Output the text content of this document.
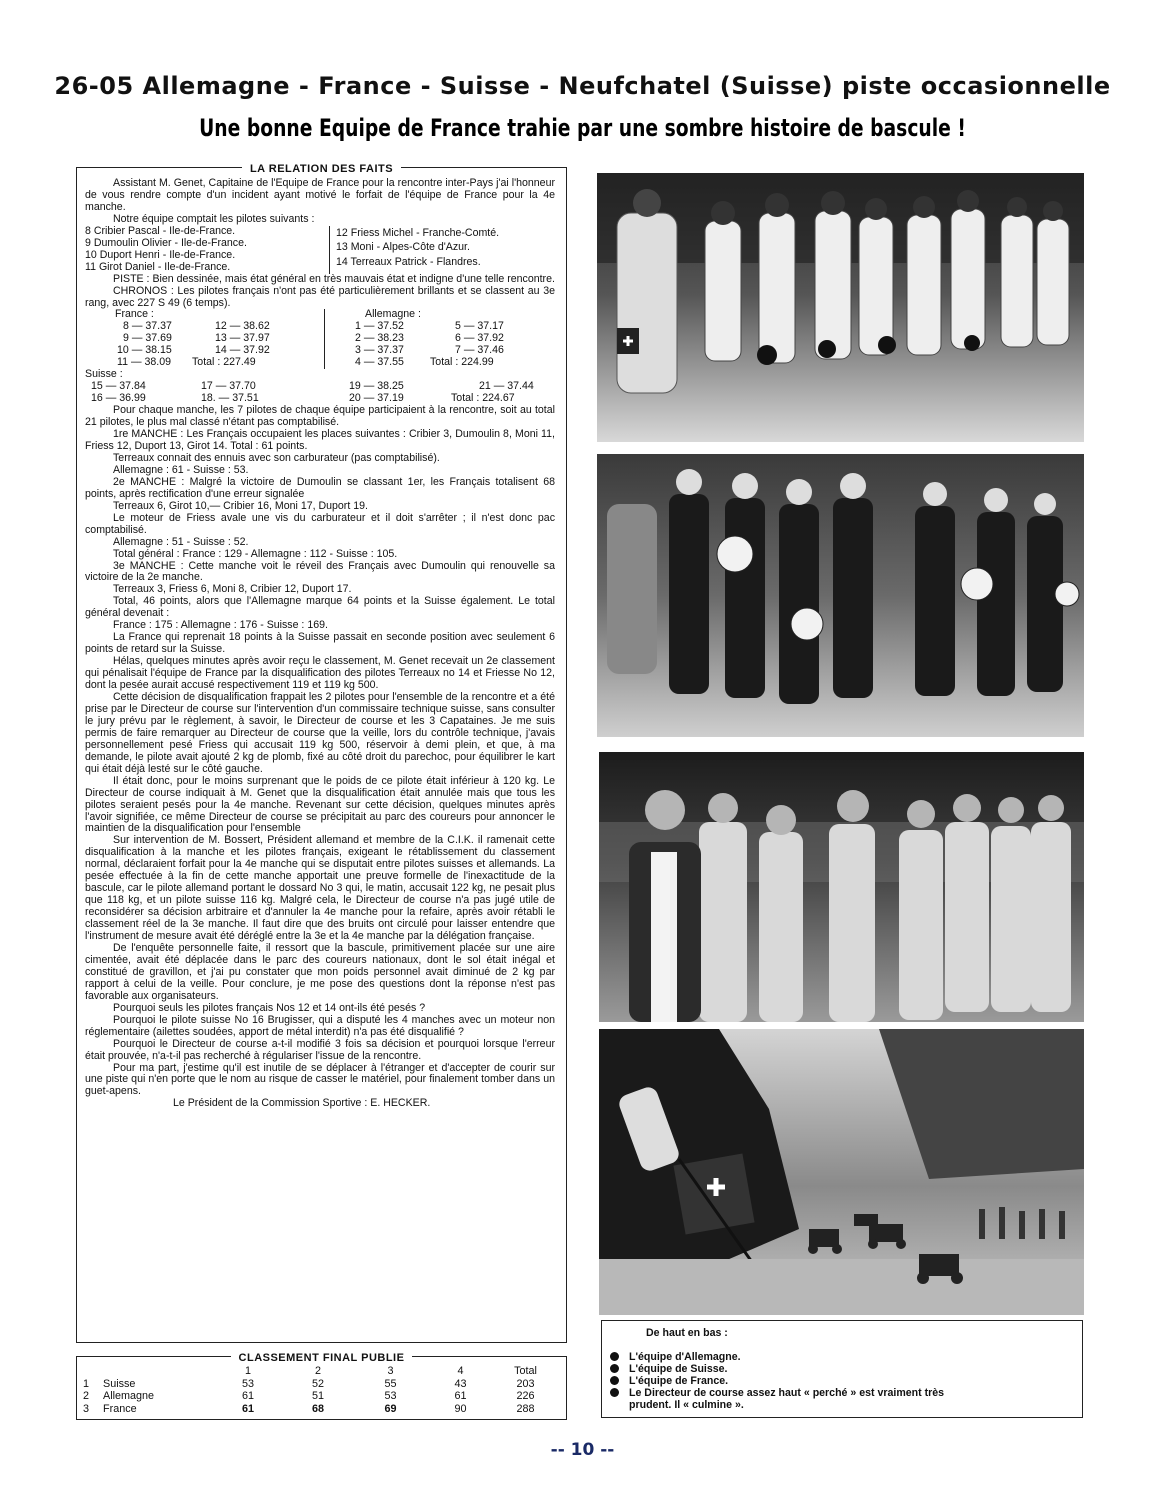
26-05 Allemagne - France - Suisse - Neufchatel (Suisse) piste occasionnelle
Une bonne Equipe de France trahie par une sombre histoire de bascule !
LA RELATION DES FAITS

Assistant M. Genet, Capitaine de l'Equipe de France pour la rencontre inter-Pays j'ai l'honneur de vous rendre compte d'un incident ayant motivé le forfait de l'équipe de France pour la 4e manche.

Notre équipe comptait les pilotes suivants :

8 Cribier Pascal - Ile-de-France.
9 Dumoulin Olivier - Ile-de-France.
10 Duport Henri - Ile-de-France.
11 Girot Daniel - Ile-de-France.
12 Friess Michel - Franche-Comté.
13 Moni - Alpes-Côte d'Azur.
14 Terreaux Patrick - Flandres.

PISTE : Bien dessinée, mais état général en très mauvais état et indigne d'une telle rencontre.

CHRONOS : Les pilotes français n'ont pas été particulièrement brillants et se classent au 3e rang, avec 227 S 49 (6 temps).

France :
8 — 37.37	12 — 38.62
9 — 37.69	13 — 37.97
10 — 38.15	14 — 37.92
11 — 38.09	Total : 227.49
Allemagne :
1 — 37.52	5 — 37.17
2 — 38.23	6 — 37.92
3 — 37.37	7 — 37.46
4 — 37.55	Total : 224.99
Suisse :
15 — 37.84	17 — 37.70	19 — 38.25	21 — 37.44
16 — 36.99	18. — 37.51	20 — 37.19	Total : 224.67

Pour chaque manche, les 7 pilotes de chaque équipe participaient à la rencontre, soit au total 21 pilotes, le plus mal classé n'étant pas comptabilisé.

1re MANCHE : Les Français occupaient les places suivantes : Cribier 3, Dumoulin 8, Moni 11, Friess 12, Duport 13, Girot 14. Total : 61 points.

Terreaux connait des ennuis avec son carburateur (pas comptabilisé).

Allemagne : 61 - Suisse : 53.

2e MANCHE : Malgré la victoire de Dumoulin se classant 1er, les Français totalisent 68 points, après rectification d'une erreur signalée

Terreaux 6, Girot 10,— Cribier 16, Moni 17, Duport 19.

Le moteur de Friess avale une vis du carburateur et il doit s'arrêter ; il n'est donc pac comptabilisé.

Allemagne : 51 - Suisse : 52.

Total général : France : 129 - Allemagne : 112 - Suisse : 105.

3e MANCHE : Cette manche voit le réveil des Français avec Dumoulin qui renouvelle sa victoire de la 2e manche.

Terreaux 3, Friess 6, Moni 8, Cribier 12, Duport 17.

Total, 46 points, alors que l'Allemagne marque 64 points et la Suisse également. Le total général devenait :

France : 175 : Allemagne : 176 - Suisse : 169.

La France qui reprenait 18 points à la Suisse passait en seconde position avec seulement 6 points de retard sur la Suisse.

Hélas, quelques minutes après avoir reçu le classement, M. Genet recevait un 2e classement qui pénalisait l'équipe de France par la disqualification des pilotes Terreaux no 14 et Friesse No 12, dont la pesée aurait accusé respectivement 119 et 119 kg 500.

Cette décision de disqualification frappait les 2 pilotes pour l'ensemble de la rencontre et a été prise par le Directeur de course sur l'intervention d'un commissaire technique suisse, sans consulter le jury prévu par le règlement, à savoir, le Directeur de course et les 3 Capataines. Je me suis permis de faire remarquer au Directeur de course que la veille, lors du contrôle technique, j'avais personnellement pesé Friess qui accusait 119 kg 500, réservoir à demi plein, et que, à ma demande, le pilote avait ajouté 2 kg de plomb, fixé au côté droit du parechoc, pour équilibrer le kart qui était déjà lesté sur le côté gauche.

Il était donc, pour le moins surprenant que le poids de ce pilote était inférieur à 120 kg. Le Directeur de course indiquait à M. Genet que la disqualification était annulée mais que tous les pilotes seraient pesés pour la 4e manche. Revenant sur cette décision, quelques minutes après l'avoir signifiée, ce même Directeur de course se précipitait au parc des coureurs pour annoncer le maintien de la disqualification pour l'ensemble

Sur intervention de M. Bossert, Président allemand et membre de la C.I.K. il ramenait cette disqualification à la manche et les pilotes français, exigeant le rétablissement du classement normal, déclaraient forfait pour la 4e manche qui se disputait entre pilotes suisses et allemands. La pesée effectuée à la fin de cette manche apportait une preuve formelle de l'inexactitude de la bascule, car le pilote allemand portant le dossard No 3 qui, le matin, accusait 122 kg, ne pesait plus que 118 kg, et un pilote suisse 116 kg. Malgré cela, le Directeur de course n'a pas jugé utile de reconsidérer sa décision arbitraire et d'annuler la 4e manche pour la refaire, après avoir rétabli le classement réel de la 3e manche. Il faut dire que des bruits ont circulé pour laisser entendre que l'instrument de mesure avait été déréglé entre la 3e et la 4e manche par la délégation française.

De l'enquête personnelle faite, il ressort que la bascule, primitivement placée sur une aire cimentée, avait été déplacée dans le parc des coureurs nationaux, dont le sol était inégal et constitué de gravillon, et j'ai pu constater que mon poids personnel avait diminué de 2 kg par rapport à celui de la veille. Pour conclure, je me pose des questions dont la réponse n'est pas favorable aux organisateurs.

Pourquoi seuls les pilotes français Nos 12 et 14 ont-ils été pesés ?

Pourquoi le pilote suisse No 16 Brugisser, qui a disputé les 4 manches avec un moteur non réglementaire (ailettes soudées, apport de métal interdit) n'a pas été disqualifié ?

Pourquoi le Directeur de course a-t-il modifié 3 fois sa décision et pourquoi lorsque l'erreur était prouvée, n'a-t-il pas recherché à régulariser l'issue de la rencontre.

Pour ma part, j'estime qu'il est inutile de se déplacer à l'étranger et d'accepter de courir sur une piste qui n'en porte que le nom au risque de casser le matériel, pour finalement tomber dans un guet-apens.

Le Président de la Commission Sportive : E. HECKER.

CLASSEMENT FINAL PUBLIE
		1	2	3	4	Total
1	Suisse	53	52	55	43	203
2	Allemagne	61	51	53	61	226
3	France	61	68	69	90	288
De haut en bas :
L'équipe d'Allemagne.
L'équipe de Suisse.
L'équipe de France.
Le Directeur de course assez haut « perché » est vraiment très
prudent. Il « culmine ».
-- 10 --
